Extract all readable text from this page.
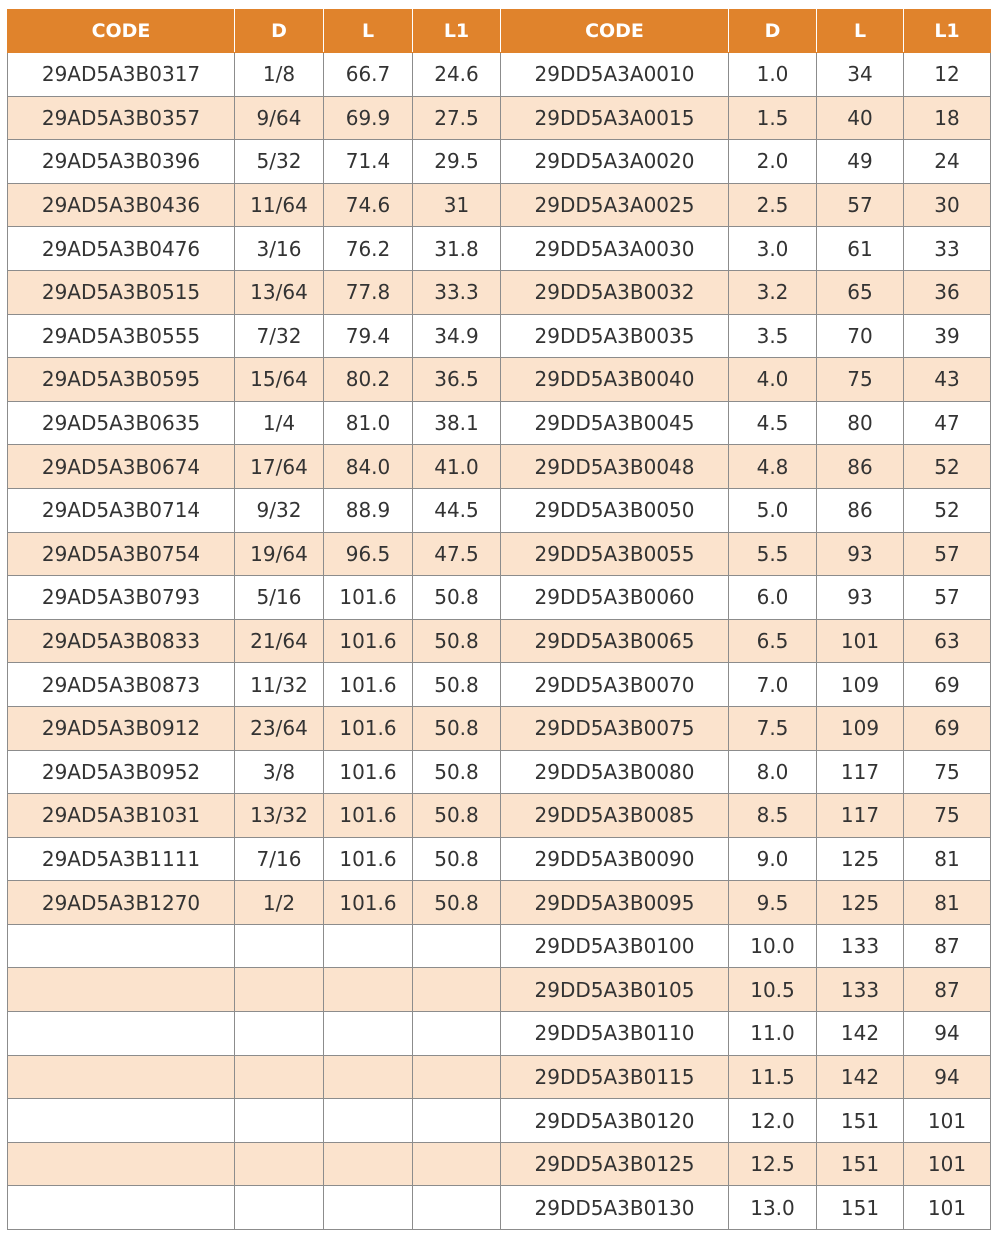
CODE	D	L	L1	CODE	D	L	L1
29AD5A3B0317	1/8	66.7	24.6	29DD5A3A0010	1.0	34	12
29AD5A3B0357	9/64	69.9	27.5	29DD5A3A0015	1.5	40	18
29AD5A3B0396	5/32	71.4	29.5	29DD5A3A0020	2.0	49	24
29AD5A3B0436	11/64	74.6	31	29DD5A3A0025	2.5	57	30
29AD5A3B0476	3/16	76.2	31.8	29DD5A3A0030	3.0	61	33
29AD5A3B0515	13/64	77.8	33.3	29DD5A3B0032	3.2	65	36
29AD5A3B0555	7/32	79.4	34.9	29DD5A3B0035	3.5	70	39
29AD5A3B0595	15/64	80.2	36.5	29DD5A3B0040	4.0	75	43
29AD5A3B0635	1/4	81.0	38.1	29DD5A3B0045	4.5	80	47
29AD5A3B0674	17/64	84.0	41.0	29DD5A3B0048	4.8	86	52
29AD5A3B0714	9/32	88.9	44.5	29DD5A3B0050	5.0	86	52
29AD5A3B0754	19/64	96.5	47.5	29DD5A3B0055	5.5	93	57
29AD5A3B0793	5/16	101.6	50.8	29DD5A3B0060	6.0	93	57
29AD5A3B0833	21/64	101.6	50.8	29DD5A3B0065	6.5	101	63
29AD5A3B0873	11/32	101.6	50.8	29DD5A3B0070	7.0	109	69
29AD5A3B0912	23/64	101.6	50.8	29DD5A3B0075	7.5	109	69
29AD5A3B0952	3/8	101.6	50.8	29DD5A3B0080	8.0	117	75
29AD5A3B1031	13/32	101.6	50.8	29DD5A3B0085	8.5	117	75
29AD5A3B1111	7/16	101.6	50.8	29DD5A3B0090	9.0	125	81
29AD5A3B1270	1/2	101.6	50.8	29DD5A3B0095	9.5	125	81
				29DD5A3B0100	10.0	133	87
				29DD5A3B0105	10.5	133	87
				29DD5A3B0110	11.0	142	94
				29DD5A3B0115	11.5	142	94
				29DD5A3B0120	12.0	151	101
				29DD5A3B0125	12.5	151	101
				29DD5A3B0130	13.0	151	101
